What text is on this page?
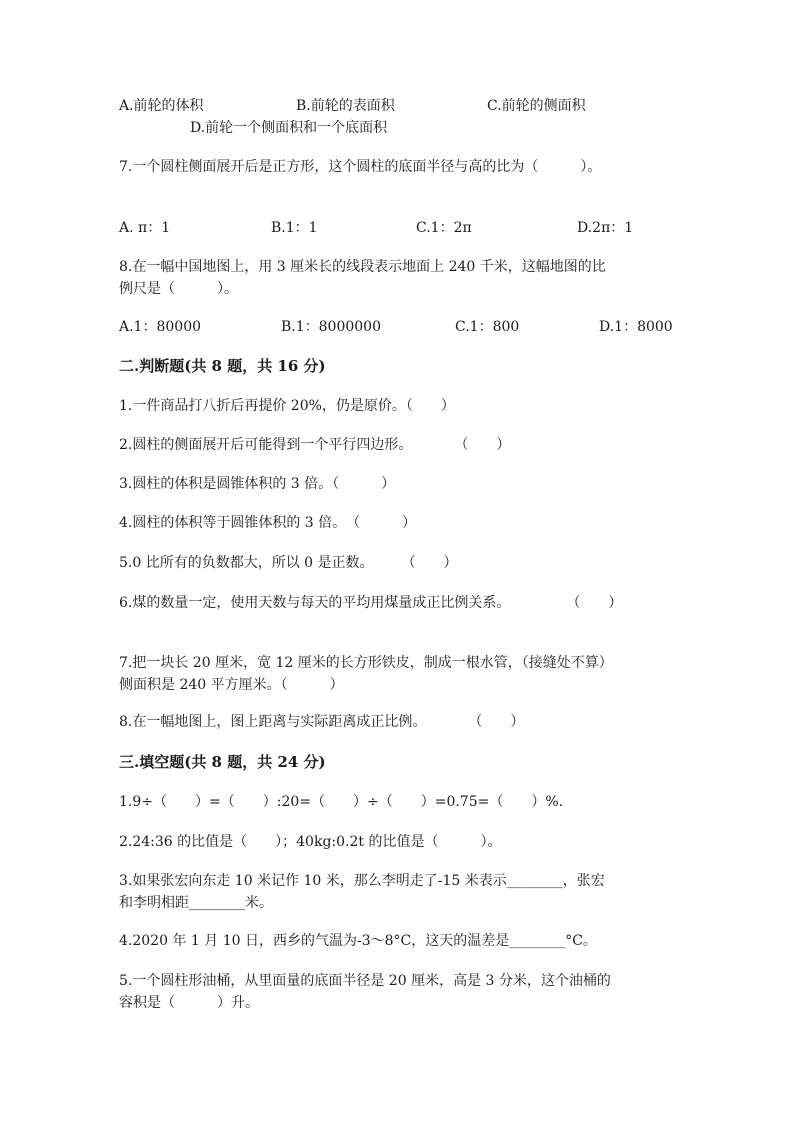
A.前轮的体积	B.前轮的表面积	C.前轮的侧面积
D.前轮一个侧面积和一个底面积
7.一个圆柱侧面展开后是正方形，这个圆柱的底面半径与高的比为（　　　）。
A. π：1	B.1：1	C.1：2π	D.2π：1
8.在一幅中国地图上，用 3 厘米长的线段表示地面上 240 千米，这幅地图的比
例尺是（　　　）。
A.1：80000	B.1：8000000	C.1：800	D.1：8000
二.判断题(共 8 题，共 16 分)
1.一件商品打八折后再提价 20%，仍是原价。（　　）
2.圆柱的侧面展开后可能得到一个平行四边形。　　　　（　　）
3.圆柱的体积是圆锥体积的 3 倍。（　　　）
4.圆柱的体积等于圆锥体积的 3 倍。　（　　　）
5.0 比所有的负数都大，所以 0 是正数。　　　（　　）
6.煤的数量一定，使用天数与每天的平均用煤量成正比例关系。　　　　　（　　）
7.把一块长 20 厘米，宽 12 厘米的长方形铁皮，制成一根水管，（接缝处不算）
侧面积是 240 平方厘米。（　　　）
8.在一幅地图上，图上距离与实际距离成正比例。　　　　（　　）
三.填空题(共 8 题，共 24 分)
1.9÷（　　）=（　　）:20=（　　）÷（　　）=0.75=（　　）%.
2.24:36 的比值是（　　）；40kg:0.2t 的比值是（　　　）。
3.如果张宏向东走 10 米记作 10 米，那么李明走了-15 米表示________，张宏
和李明相距________米。
4.2020 年 1 月 10 日，西乡的气温为-3～8°C，这天的温差是________°C。
5.一个圆柱形油桶，从里面量的底面半径是 20 厘米，高是 3 分米，这个油桶的
容积是（　　　）升。
